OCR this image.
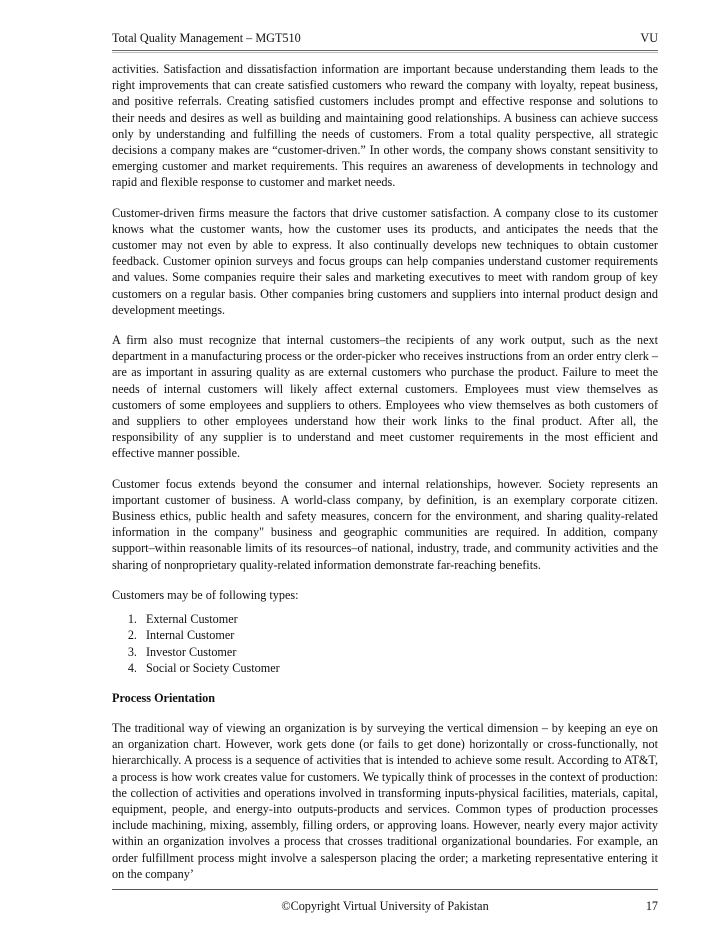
Total Quality Management – MGT510	VU

activities. Satisfaction and dissatisfaction information are important because understanding them leads to the right improvements that can create satisfied customers who reward the company with loyalty, repeat business, and positive referrals. Creating satisfied customers includes prompt and effective response and solutions to their needs and desires as well as building and maintaining good relationships. A business can achieve success only by understanding and fulfilling the needs of customers. From a total quality perspective, all strategic decisions a company makes are “customer-driven.” In other words, the company shows constant sensitivity to emerging customer and market requirements. This requires an awareness of developments in technology and rapid and flexible response to customer and market needs.

Customer-driven firms measure the factors that drive customer satisfaction. A company close to its customer knows what the customer wants, how the customer uses its products, and anticipates the needs that the customer may not even by able to express. It also continually develops new techniques to obtain customer feedback. Customer opinion surveys and focus groups can help companies understand customer requirements and values. Some companies require their sales and marketing executives to meet with random group of key customers on a regular basis. Other companies bring customers and suppliers into internal product design and development meetings.

A firm also must recognize that internal customers–the recipients of any work output, such as the next department in a manufacturing process or the order-picker who receives instructions from an order entry clerk – are as important in assuring quality as are external customers who purchase the product. Failure to meet the needs of internal customers will likely affect external customers. Employees must view themselves as customers of some employees and suppliers to others. Employees who view themselves as both customers of and suppliers to other employees understand how their work links to the final product. After all, the responsibility of any supplier is to understand and meet customer requirements in the most efficient and effective manner possible.

Customer focus extends beyond the consumer and internal relationships, however. Society represents an important customer of business. A world-class company, by definition, is an exemplary corporate citizen. Business ethics, public health and safety measures, concern for the environment, and sharing quality-related information in the company" business and geographic communities are required. In addition, company support–within reasonable limits of its resources–of national, industry, trade, and community activities and the sharing of nonproprietary quality-related information demonstrate far-reaching benefits.

Customers may be of following types:

1. External Customer
2. Internal Customer
3. Investor Customer
4. Social or Society Customer
Process Orientation

The traditional way of viewing an organization is by surveying the vertical dimension – by keeping an eye on an organization chart. However, work gets done (or fails to get done) horizontally or cross-functionally, not hierarchically. A process is a sequence of activities that is intended to achieve some result. According to AT&T, a process is how work creates value for customers. We typically think of processes in the context of production: the collection of activities and operations involved in transforming inputs-physical facilities, materials, capital, equipment, people, and energy-into outputs-products and services. Common types of production processes include machining, mixing, assembly, filling orders, or approving loans. However, nearly every major activity within an organization involves a process that crosses traditional organizational boundaries. For example, an order fulfillment process might involve a salesperson placing the order; a marketing representative entering it on the company’

©Copyright Virtual University of Pakistan	17
